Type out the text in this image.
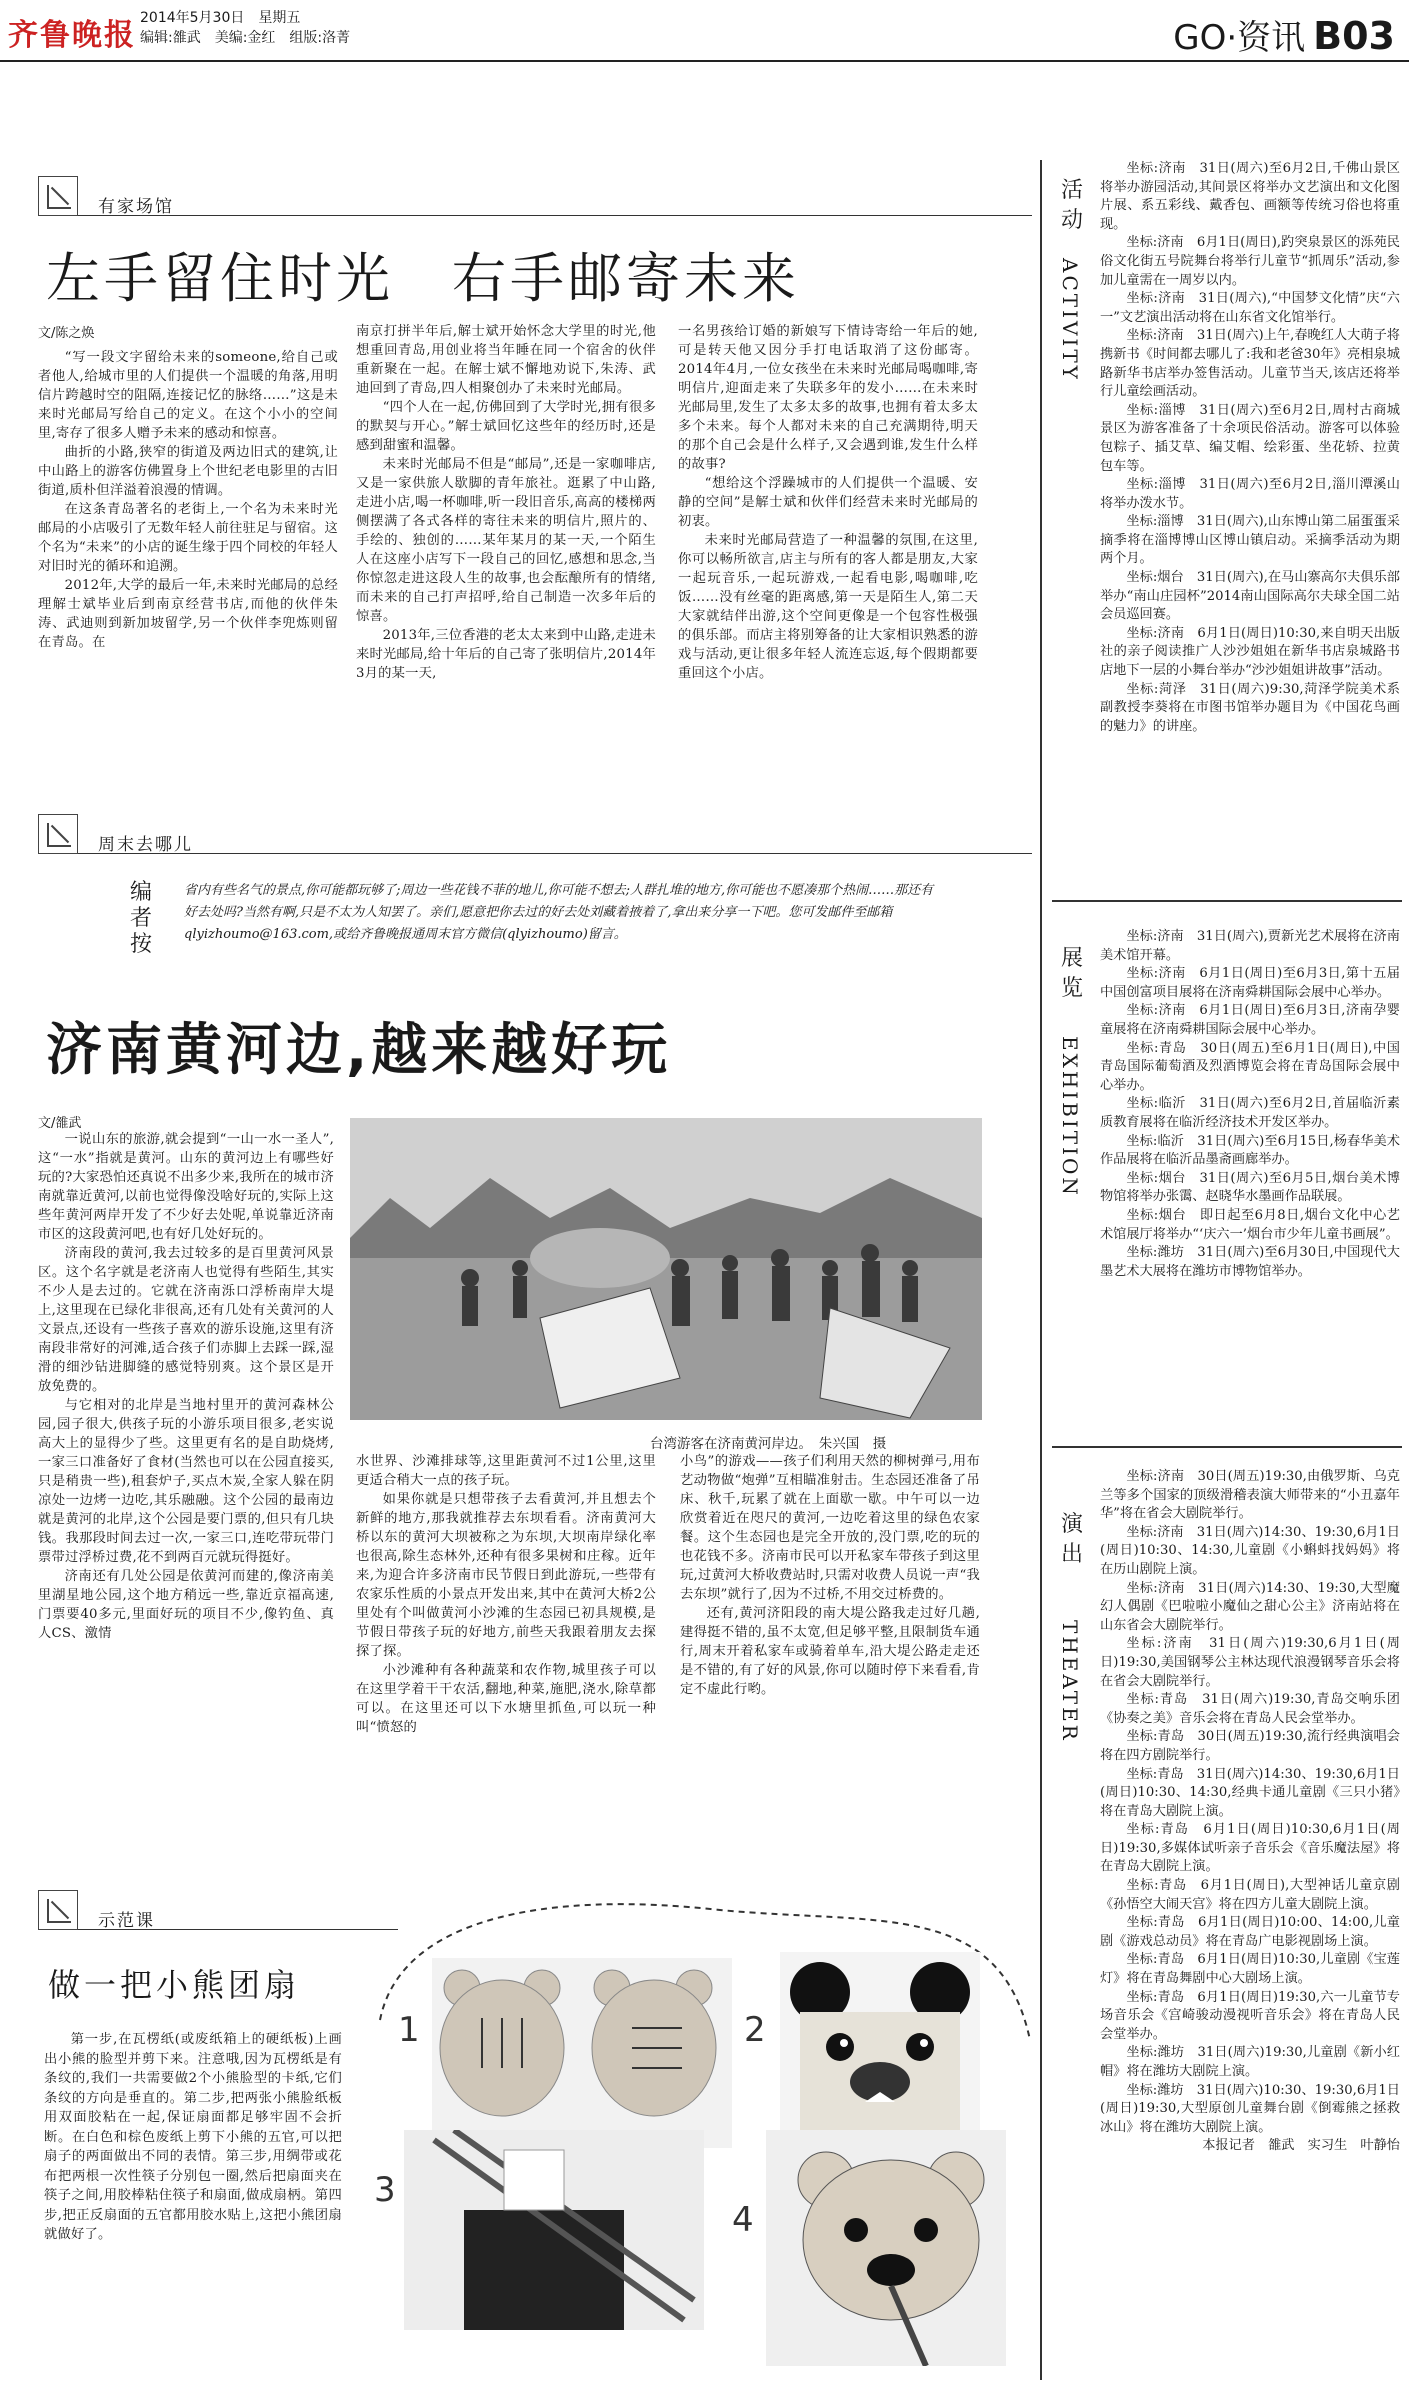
齐鲁晚报 2014年5月30日　星期五
编辑:雒武　美编:金红　组版:洛菁	GO·资讯 B03
有家场馆
左手留住时光　右手邮寄未来
文/陈之焕

“写一段文字留给未来的someone,给自己或者他人,给城市里的人们提供一个温暖的角落,用明信片跨越时空的阻隔,连接记忆的脉络……”这是未来时光邮局写给自己的定义。在这个小小的空间里,寄存了很多人赠予未来的感动和惊喜。

曲折的小路,狭窄的街道及两边旧式的建筑,让中山路上的游客仿佛置身上个世纪老电影里的古旧街道,质朴但洋溢着浪漫的情调。

在这条青岛著名的老街上,一个名为未来时光邮局的小店吸引了无数年轻人前往驻足与留宿。这个名为“未来”的小店的诞生缘于四个同校的年轻人对旧时光的循环和追溯。

2012年,大学的最后一年,未来时光邮局的总经理解士斌毕业后到南京经营书店,而他的伙伴朱涛、武迪则到新加坡留学,另一个伙伴李兜炼则留在青岛。在

南京打拼半年后,解士斌开始怀念大学里的时光,他想重回青岛,用创业将当年睡在同一个宿舍的伙伴重新聚在一起。在解士斌不懈地劝说下,朱涛、武迪回到了青岛,四人相聚创办了未来时光邮局。

“四个人在一起,仿佛回到了大学时光,拥有很多的默契与开心。”解士斌回忆这些年的经历时,还是感到甜蜜和温馨。

未来时光邮局不但是“邮局”,还是一家咖啡店,又是一家供旅人歇脚的青年旅社。逛累了中山路,走进小店,喝一杯咖啡,听一段旧音乐,高高的楼梯两侧摆满了各式各样的寄往未来的明信片,照片的、手绘的、独创的……某年某月的某一天,一个陌生人在这座小店写下一段自己的回忆,感想和思念,当你惊忽走进这段人生的故事,也会酝酿所有的情绪,而未来的自己打声招呼,给自己制造一次多年后的惊喜。

2013年,三位香港的老太太来到中山路,走进未来时光邮局,给十年后的自己寄了张明信片,2014年3月的某一天,

一名男孩给订婚的新娘写下情诗寄给一年后的她,可是转天他又因分手打电话取消了这份邮寄。2014年4月,一位女孩坐在未来时光邮局喝咖啡,寄明信片,迎面走来了失联多年的发小……在未来时光邮局里,发生了太多太多的故事,也拥有着太多太多个未来。每个人都对未来的自己充满期待,明天的那个自己会是什么样子,又会遇到谁,发生什么样的故事?

“想给这个浮躁城市的人们提供一个温暖、安静的空间”是解士斌和伙伴们经营未来时光邮局的初衷。

未来时光邮局营造了一种温馨的氛围,在这里,你可以畅所欲言,店主与所有的客人都是朋友,大家一起玩音乐,一起玩游戏,一起看电影,喝咖啡,吃饭……没有丝毫的距离感,第一天是陌生人,第二天大家就结伴出游,这个空间更像是一个包容性极强的俱乐部。而店主将别筹备的让大家相识熟悉的游戏与活动,更让很多年轻人流连忘返,每个假期都要重回这个小店。

周末去哪儿
编者按
省内有些名气的景点,你可能都玩够了;周边一些花钱不菲的地儿,你可能不想去;人群扎堆的地方,你可能也不愿凑那个热闹……那还有好去处吗?当然有啊,只是不太为人知罢了。亲们,愿意把你去过的好去处刘藏着掖着了,拿出来分享一下吧。您可发邮件至邮箱qlyizhoumo@163.com,或给齐鲁晚报通周末官方微信(qlyizhoumo)留言。
济南黄河边,越来越好玩
文/雒武

一说山东的旅游,就会提到“一山一水一圣人”,这“一水”指就是黄河。山东的黄河边上有哪些好玩的?大家恐怕还真说不出多少来,我所在的城市济南就靠近黄河,以前也觉得像没啥好玩的,实际上这些年黄河两岸开发了不少好去处呢,单说靠近济南市区的这段黄河吧,也有好几处好玩的。

济南段的黄河,我去过较多的是百里黄河风景区。这个名字就是老济南人也觉得有些陌生,其实不少人是去过的。它就在济南泺口浮桥南岸大堤上,这里现在已绿化非很高,还有几处有关黄河的人文景点,还设有一些孩子喜欢的游乐设施,这里有济南段非常好的河滩,适合孩子们赤脚上去踩一踩,湿滑的细沙钻进脚缝的感觉特别爽。这个景区是开放免费的。

与它相对的北岸是当地村里开的黄河森林公园,园子很大,供孩子玩的小游乐项目很多,老实说高大上的显得少了些。这里更有名的是自助烧烤,一家三口准备好了食材(当然也可以在公园直接买,只是稍贵一些),租套炉子,买点木炭,全家人躲在阴凉处一边烤一边吃,其乐融融。这个公园的最南边就是黄河的北岸,这个公园是要门票的,但只有几块钱。我那段时间去过一次,一家三口,连吃带玩带门票带过浮桥过费,花不到两百元就玩得挺好。

济南还有几处公园是依黄河而建的,像济南美里湖星地公园,这个地方稍远一些,靠近京福高速,门票要40多元,里面好玩的项目不少,像钓鱼、真人CS、激情

台湾游客在济南黄河岸边。　朱兴国　摄

水世界、沙滩排球等,这里距黄河不过1公里,这里更适合稍大一点的孩子玩。

如果你就是只想带孩子去看黄河,并且想去个新鲜的地方,那我就推荐去东坝看看。济南黄河大桥以东的黄河大坝被称之为东坝,大坝南岸绿化率也很高,除生态林外,还种有很多果树和庄稼。近年来,为迎合许多济南市民节假日到此游玩,一些带有农家乐性质的小景点开发出来,其中在黄河大桥2公里处有个叫做黄河小沙滩的生态园已初具规模,是节假日带孩子玩的好地方,前些天我跟着朋友去探探了探。

小沙滩种有各种蔬菜和农作物,城里孩子可以在这里学着干干农活,翻地,种菜,施肥,浇水,除草都可以。在这里还可以下水塘里抓鱼,可以玩一种叫“愤怒的

小鸟”的游戏——孩子们利用天然的柳树弹弓,用布艺动物做“炮弹”互相瞄准射击。生态园还准备了吊床、秋千,玩累了就在上面歇一歇。中午可以一边欣赏着近在咫尺的黄河,一边吃着这里的绿色农家餐。这个生态园也是完全开放的,没门票,吃的玩的也花钱不多。济南市民可以开私家车带孩子到这里玩,过黄河大桥收费站时,只需对收费人员说一声“我去东坝”就行了,因为不过桥,不用交过桥费的。

还有,黄河济阳段的南大堤公路我走过好几趟,建得挺不错的,虽不太宽,但足够平整,且限制货车通行,周末开着私家车或骑着单车,沿大堤公路走走还是不错的,有了好的风景,你可以随时停下来看看,肯定不虚此行哟。

示范课
做一把小熊团扇

第一步,在瓦楞纸(或废纸箱上的硬纸板)上画出小熊的脸型并剪下来。注意哦,因为瓦楞纸是有条纹的,我们一共需要做2个小熊脸型的卡纸,它们条纹的方向是垂直的。第二步,把两张小熊脸纸板用双面胶粘在一起,保证扇面都足够牢固不会折断。在白色和棕色废纸上剪下小熊的五官,可以把扇子的两面做出不同的表情。第三步,用绸带或花布把两根一次性筷子分别包一圈,然后把扇面夹在筷子之间,用胶棒粘住筷子和扇面,做成扇柄。第四步,把正反扇面的五官都用胶水贴上,这把小熊团扇就做好了。

1	2
3
4
活动
ACTIVITY

坐标:济南　31日(周六)至6月2日,千佛山景区将举办游园活动,其间景区将举办文艺演出和文化图片展、系五彩线、戴香包、画额等传统习俗也将重现。

坐标:济南　6月1日(周日),趵突泉景区的泺苑民俗文化街五号院舞台将举行儿童节“抓周乐”活动,参加儿童需在一周岁以内。

坐标:济南　31日(周六),“中国梦文化情”庆“六一”文艺演出活动将在山东省文化馆举行。

坐标:济南　31日(周六)上午,春晚红人大萌子将携新书《时间都去哪儿了:我和老爸30年》亮相泉城路新华书店举办签售活动。儿童节当天,该店还将举行儿童绘画活动。

坐标:淄博　31日(周六)至6月2日,周村古商城景区为游客准备了十余项民俗活动。游客可以体验包粽子、插艾草、编艾帽、绘彩蛋、坐花轿、拉黄包车等。

坐标:淄博　31日(周六)至6月2日,淄川潭溪山将举办泼水节。

坐标:淄博　31日(周六),山东博山第二届蛋蛋采摘季将在淄博博山区博山镇启动。采摘季活动为期两个月。

坐标:烟台　31日(周六),在马山寨高尔夫俱乐部举办“南山庄园杯”2014南山国际高尔夫球全国二站会员巡回赛。

坐标:济南　6月1日(周日)10:30,来自明天出版社的亲子阅读推广人沙沙姐姐在新华书店泉城路书店地下一层的小舞台举办“沙沙姐姐讲故事”活动。

坐标:菏泽　31日(周六)9:30,菏泽学院美术系副教授李葵将在市图书馆举办题目为《中国花鸟画的魅力》的讲座。

展览
EXHIBITION

坐标:济南　31日(周六),贾新光艺术展将在济南美术馆开幕。

坐标:济南　6月1日(周日)至6月3日,第十五届中国创富项目展将在济南舜耕国际会展中心举办。

坐标:济南　6月1日(周日)至6月3日,济南孕婴童展将在济南舜耕国际会展中心举办。

坐标:青岛　30日(周五)至6月1日(周日),中国青岛国际葡萄酒及烈酒博览会将在青岛国际会展中心举办。

坐标:临沂　31日(周六)至6月2日,首届临沂素质教育展将在临沂经济技术开发区举办。

坐标:临沂　31日(周六)至6月15日,杨春华美术作品展将在临沂品墨斋画廊举办。

坐标:烟台　31日(周六)至6月5日,烟台美术博物馆将举办张霭、赵晓华水墨画作品联展。

坐标:烟台　即日起至6月8日,烟台文化中心艺术馆展厅将举办“‘庆六一’烟台市少年儿童书画展”。

坐标:潍坊　31日(周六)至6月30日,中国现代大墨艺术大展将在潍坊市博物馆举办。

演出
THEATER

坐标:济南　30日(周五)19:30,由俄罗斯、乌克兰等多个国家的顶级滑稽表演大师带来的“小丑嘉年华”将在省会大剧院举行。

坐标:济南　31日(周六)14:30、19:30,6月1日(周日)10:30、14:30,儿童剧《小蝌蚪找妈妈》将在历山剧院上演。

坐标:济南　31日(周六)14:30、19:30,大型魔幻人偶剧《巴啦啦小魔仙之甜心公主》济南站将在山东省会大剧院举行。

坐标:济南　31日(周六)19:30,6月1日(周日)19:30,美国钢琴公主林达现代浪漫钢琴音乐会将在省会大剧院举行。

坐标:青岛　31日(周六)19:30,青岛交响乐团《协奏之美》音乐会将在青岛人民会堂举办。

坐标:青岛　30日(周五)19:30,流行经典演唱会将在四方剧院举行。

坐标:青岛　31日(周六)14:30、19:30,6月1日(周日)10:30、14:30,经典卡通儿童剧《三只小猪》将在青岛大剧院上演。

坐标:青岛　6月1日(周日)10:30,6月1日(周日)19:30,多媒体试听亲子音乐会《音乐魔法屋》将在青岛大剧院上演。

坐标:青岛　6月1日(周日),大型神话儿童京剧《孙悟空大闹天宫》将在四方儿童大剧院上演。

坐标:青岛　6月1日(周日)10:00、14:00,儿童剧《游戏总动员》将在青岛广电影视剧场上演。

坐标:青岛　6月1日(周日)10:30,儿童剧《宝莲灯》将在青岛舞剧中心大剧场上演。

坐标:青岛　6月1日(周日)19:30,六一儿童节专场音乐会《宫崎骏动漫视听音乐会》将在青岛人民会堂举办。

坐标:潍坊　31日(周六)19:30,儿童剧《新小红帽》将在潍坊大剧院上演。

坐标:潍坊　31日(周六)10:30、19:30,6月1日(周日)19:30,大型原创儿童舞台剧《倒霉熊之拯救冰山》将在潍坊大剧院上演。

本报记者　雒武　实习生　叶静怡
